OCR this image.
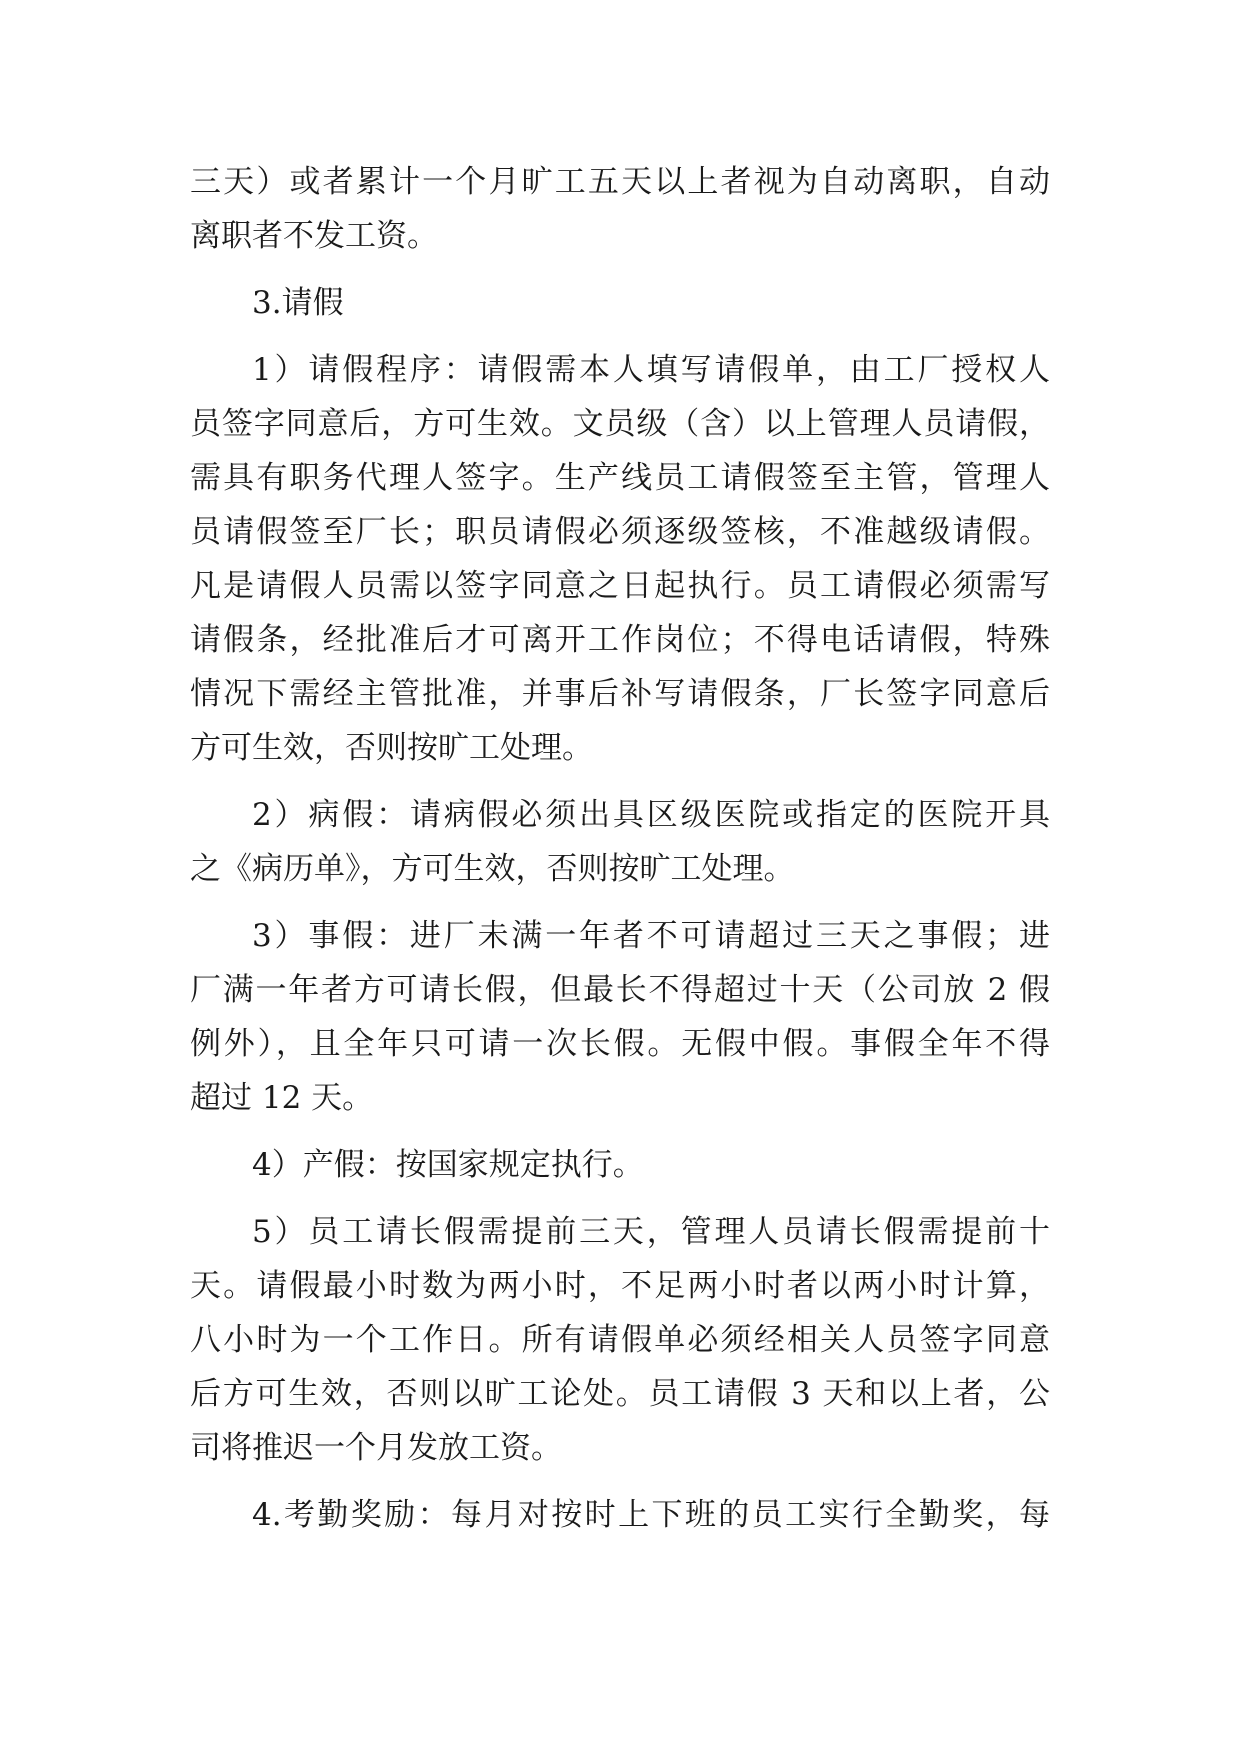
三天）或者累计一个月旷工五天以上者视为自动离职，自动
离职者不发工资。
3.请假
1）请假程序：请假需本人填写请假单，由工厂授权人
员签字同意后，方可生效。文员级（含）以上管理人员请假，
需具有职务代理人签字。生产线员工请假签至主管，管理人
员请假签至厂长；职员请假必须逐级签核，不准越级请假。
凡是请假人员需以签字同意之日起执行。员工请假必须需写
请假条，经批准后才可离开工作岗位；不得电话请假，特殊
情况下需经主管批准，并事后补写请假条，厂长签字同意后
方可生效，否则按旷工处理。
2）病假：请病假必须出具区级医院或指定的医院开具
之《病历单》，方可生效，否则按旷工处理。
3）事假：进厂未满一年者不可请超过三天之事假；进
厂满一年者方可请长假，但最长不得超过十天（公司放 2 假
例外），且全年只可请一次长假。无假中假。事假全年不得
超过 12 天。
4）产假：按国家规定执行。
5）员工请长假需提前三天，管理人员请长假需提前十
天。请假最小时数为两小时，不足两小时者以两小时计算，
八小时为一个工作日。所有请假单必须经相关人员签字同意
后方可生效，否则以旷工论处。员工请假 3 天和以上者，公
司将推迟一个月发放工资。
4.考勤奖励：每月对按时上下班的员工实行全勤奖，每
